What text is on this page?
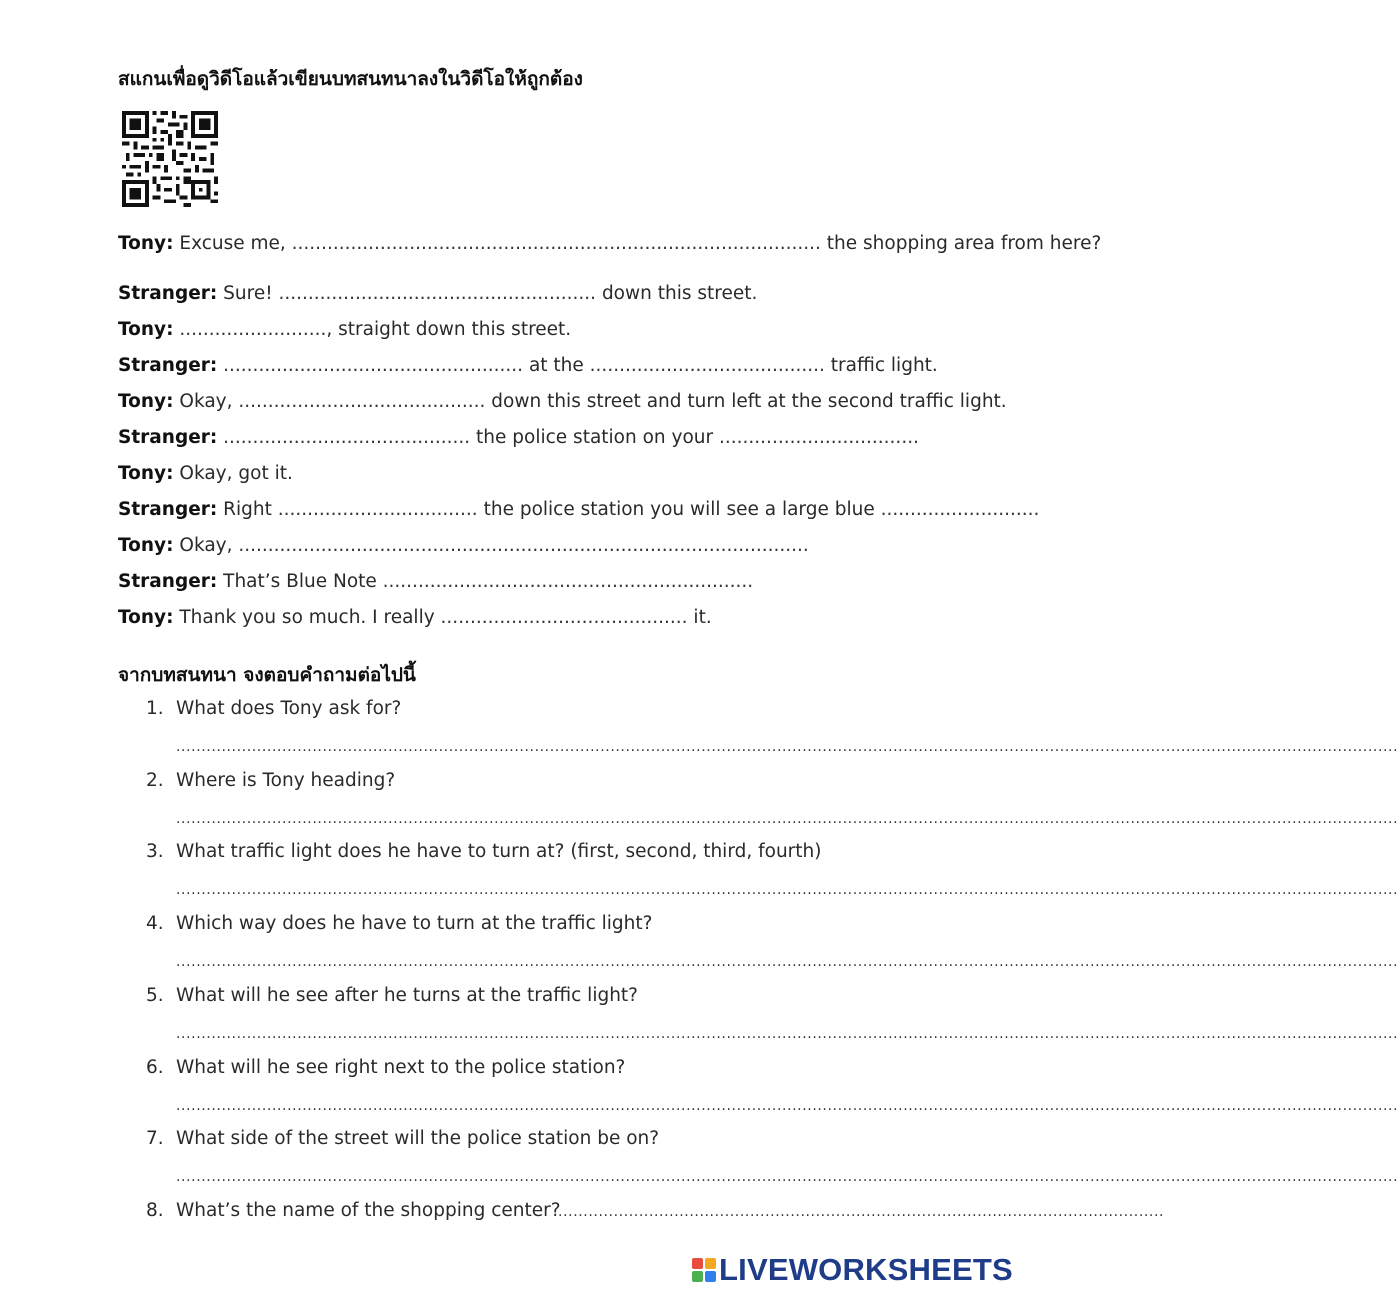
สแกนเพื่อดูวิดีโอแล้วเขียนบทสนทนาลงในวิดีโอให้ถูกต้อง
Tony: Excuse me, .......................................................................................... the shopping area from here?
Stranger: Sure! ...................................................... down this street.
Tony: ........................., straight down this street.
Stranger: ................................................... at the ........................................ traffic light.
Tony: Okay, .......................................... down this street and turn left at the second traffic light.
Stranger: .......................................... the police station on your ..................................
Tony: Okay, got it.
Stranger: Right .................................. the police station you will see a large blue ...........................
Tony: Okay, .................................................................................................
Stranger: That’s Blue Note ...............................................................
Tony: Thank you so much. I really .......................................... it.
จากบทสนทนา จงตอบคำถามต่อไปนี้
1. What does Tony ask for?
..................................................................................................................................................................................................................................................
2. Where is Tony heading?
..................................................................................................................................................................................................................................................
3. What traffic light does he have to turn at? (first, second, third, fourth)
..................................................................................................................................................................................................................................................
4. Which way does he have to turn at the traffic light?
..................................................................................................................................................................................................................................................
5. What will he see after he turns at the traffic light?
..................................................................................................................................................................................................................................................
6. What will he see right next to the police station?
..................................................................................................................................................................................................................................................
7. What side of the street will the police station be on?
..................................................................................................................................................................................................................................................
8. What’s the name of the shopping center?
.........................................................................................................................
LIVEWORKSHEETS
